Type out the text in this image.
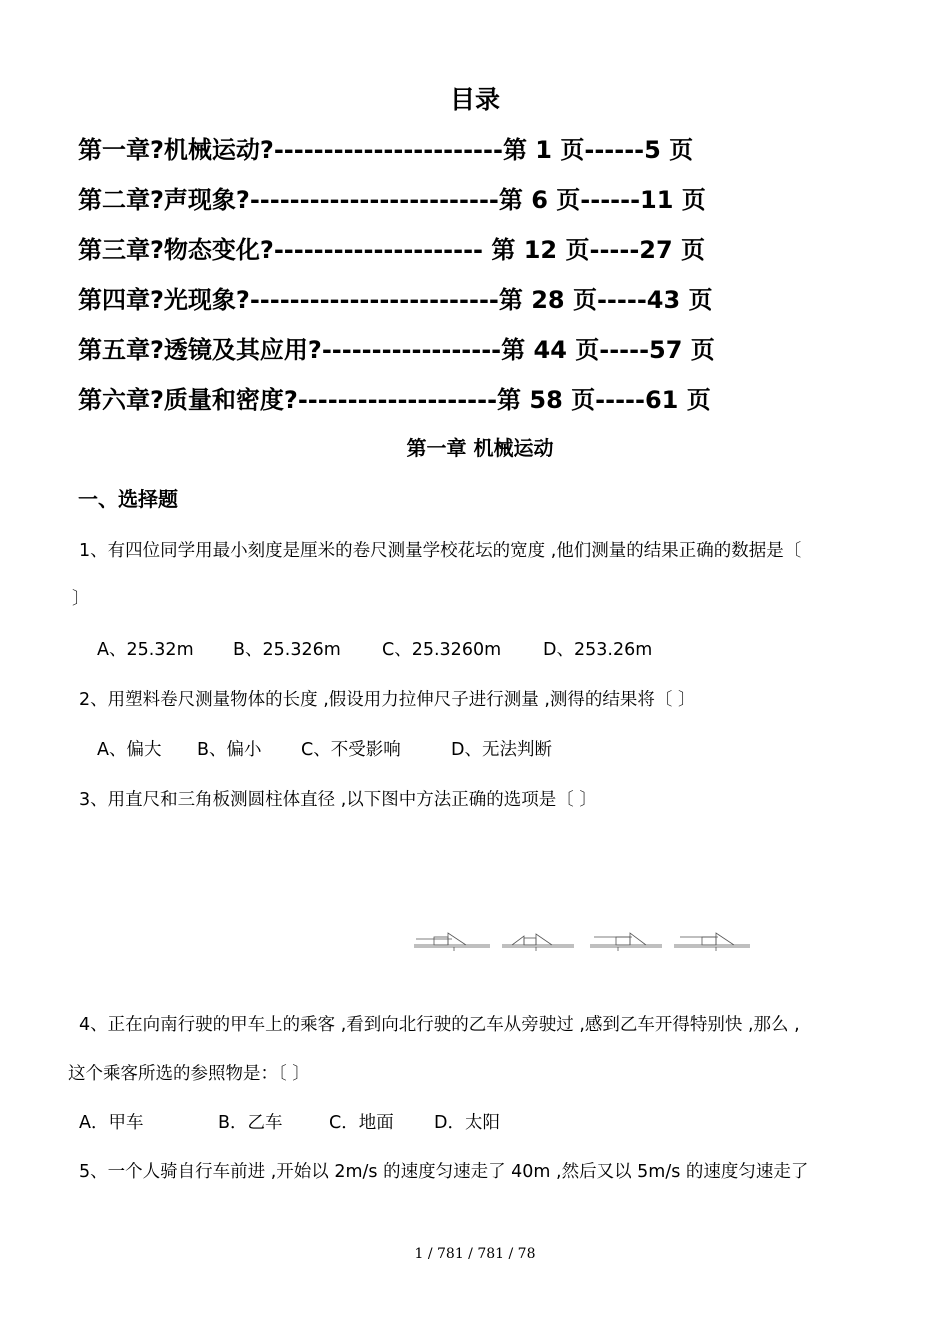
目录
第一章?机械运动?-----------------------第 1 页------5 页
第二章?声现象?-------------------------第 6 页------11 页
第三章?物态变化?--------------------- 第 12 页-----27 页
第四章?光现象?-------------------------第 28 页-----43 页
第五章?透镜及其应用?------------------第 44 页-----57 页
第六章?质量和密度?--------------------第 58 页-----61 页
第一章 机械运动
一、选择题
1、有四位同学用最小刻度是厘米的卷尺测量学校花坛的宽度 ,他们测量的结果正确的数据是〔
〕
A、25.32m B、25.326m C、25.3260m D、253.26m
2、用塑料卷尺测量物体的长度 ,假设用力拉伸尺子进行测量 ,测得的结果将〔 〕
A、偏大 B、偏小 C、不受影响	D、无法判断
3、用直尺和三角板测圆柱体直径 ,以下图中方法正确的选项是〔 〕
4、正在向南行驶的甲车上的乘客 ,看到向北行驶的乙车从旁驶过 ,感到乙车开得特别快 ,那么 ,
这个乘客所选的参照物是：〔 〕
A．甲车	B．乙车	C．地面 D．太阳
5、一个人骑自行车前进 ,开始以 2m/s 的速度匀速走了 40m ,然后又以 5m/s 的速度匀速走了
1 / 781 / 781 / 78
